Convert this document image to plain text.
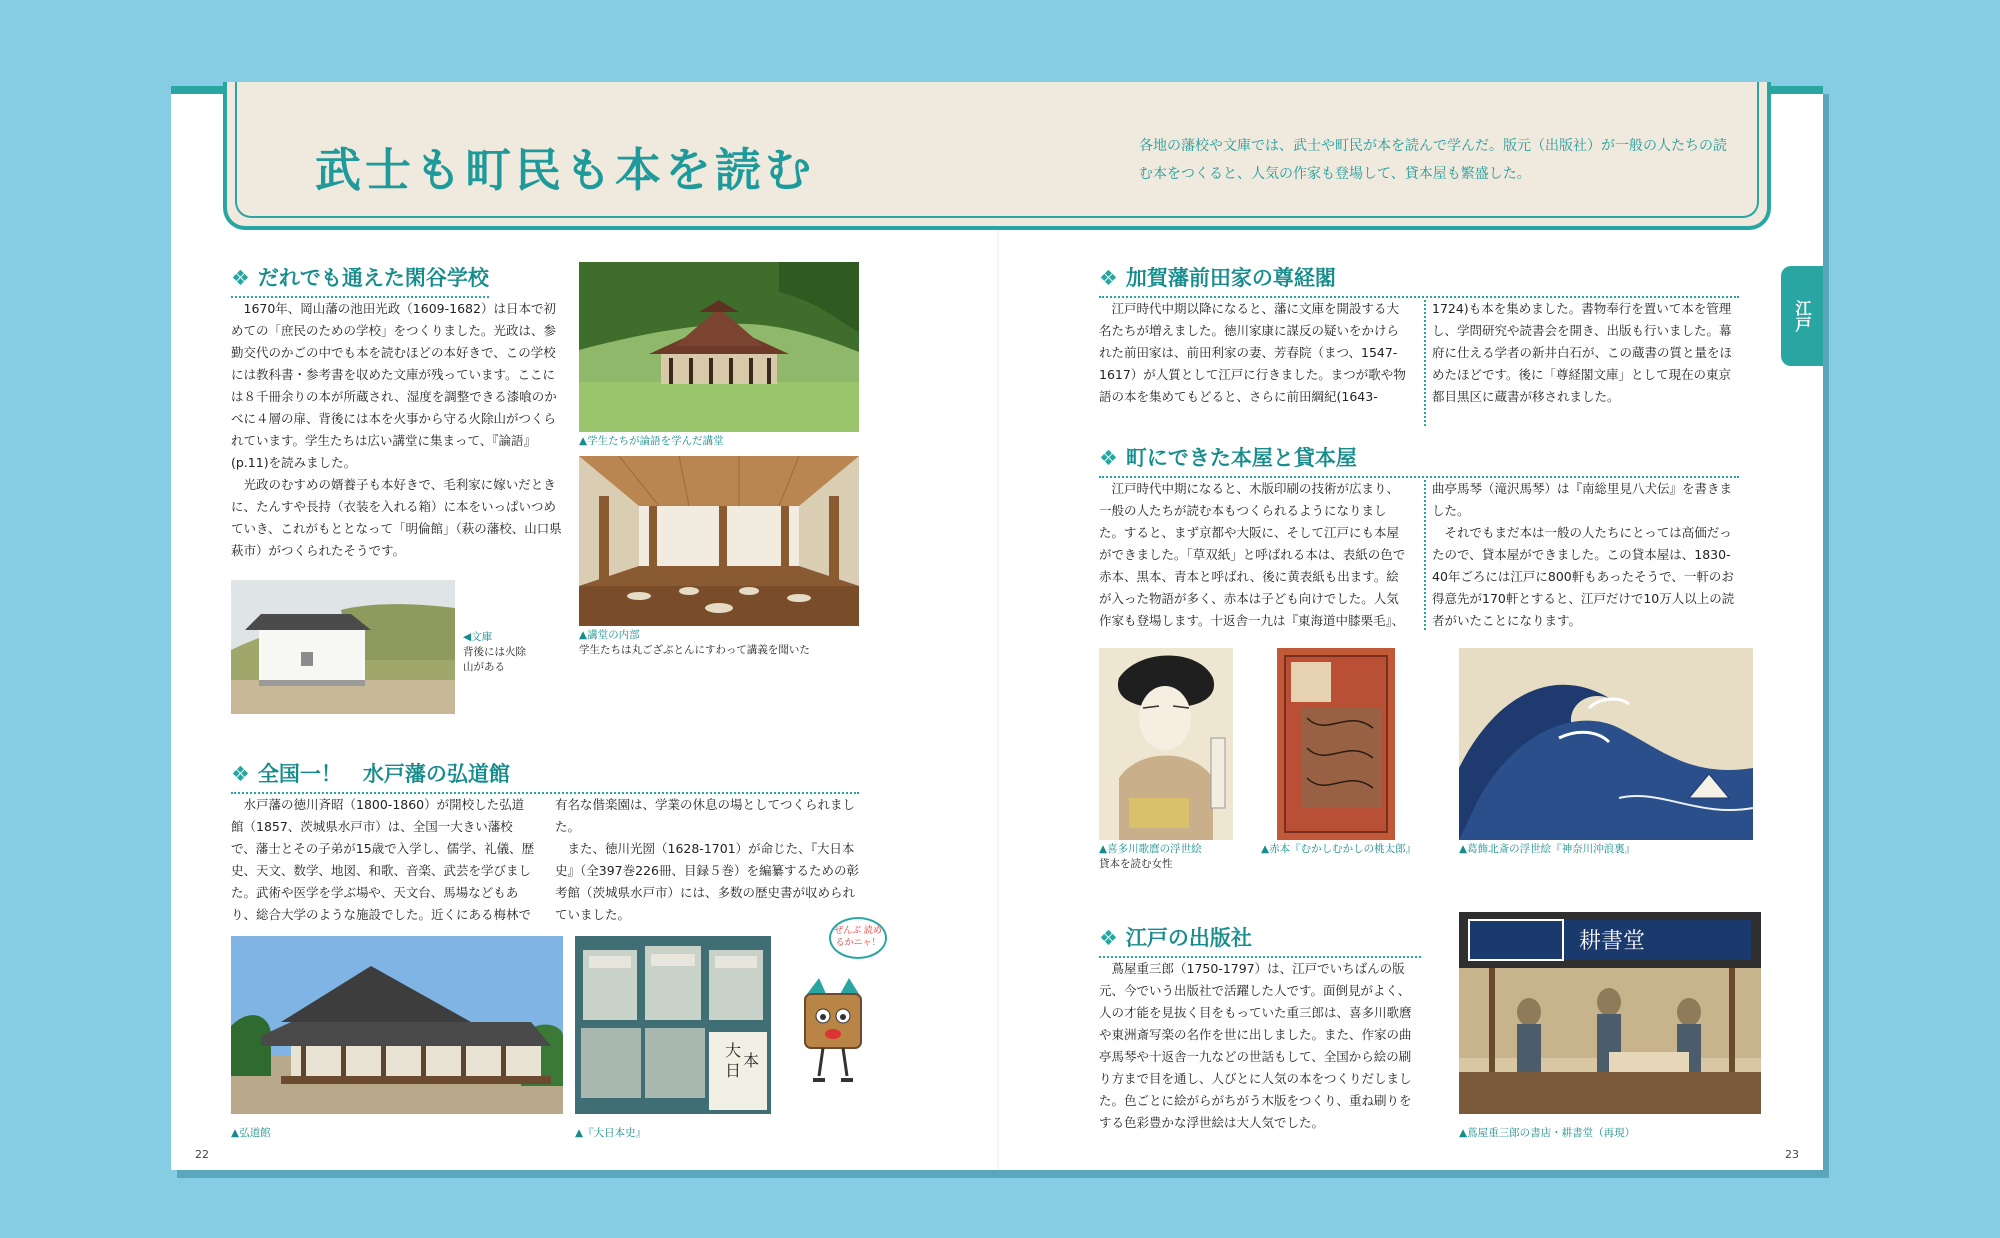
武士も町民も本を読む	各地の藩校や文庫では、武士や町民が本を読んで学んだ。版元（出版社）が一般の人たちの読む本をつくると、人気の作家も登場して、貸本屋も繁盛した。
江戸
❖ だれでも通えた閑谷学校

1670年、岡山藩の池田光政（1609-1682）は日本で初めての「庶民のための学校」をつくりました。光政は、参勤交代のかごの中でも本を読むほどの本好きで、この学校には教科書・参考書を収めた文庫が残っています。ここには８千冊余りの本が所蔵され、湿度を調整できる漆喰のかべに４層の扉、背後には本を火事から守る火除山がつくられています。学生たちは広い講堂に集まって、『論語』(p.11)を読みました。

光政のむすめの婿養子も本好きで、毛利家に嫁いだときに、たんすや長持（衣装を入れる箱）に本をいっぱいつめていき、これがもととなって「明倫館」（萩の藩校、山口県萩市）がつくられたそうです。

▲学生たちが論語を学んだ講堂
▲講堂の内部
学生たちは丸ござぶとんにすわって講義を聞いた
◀文庫
背後には火除
山がある
❖ 全国一！　水戸藩の弘道館

水戸藩の徳川斉昭（1800-1860）が開校した弘道館（1857、茨城県水戸市）は、全国一大きい藩校で、藩士とその子弟が15歳で入学し、儒学、礼儀、歴史、天文、数学、地図、和歌、音楽、武芸を学びました。武術や医学を学ぶ場や、天文台、馬場などもあり、総合大学のような施設でした。近くにある梅林で有名な偕楽園は、学業の休息の場としてつくられました。

また、徳川光圀（1628-1701）が命じた、『大日本史』（全397巻226冊、目録５巻）を編纂するための彰考館（茨城県水戸市）には、多数の歴史書が収められていました。

▲弘道館
大
日
本
▲『大日本史』
ぜんぶ 読めるかニャ！
❖ 加賀藩前田家の尊経閣

江戸時代中期以降になると、藩に文庫を開設する大名たちが増えました。徳川家康に謀反の疑いをかけられた前田家は、前田利家の妻、芳春院（まつ、1547-1617）が人質として江戸に行きました。まつが歌や物語の本を集めてもどると、さらに前田綱紀(1643-1724)も本を集めました。書物奉行を置いて本を管理し、学問研究や読書会を開き、出版も行いました。幕府に仕える学者の新井白石が、この蔵書の質と量をほめたほどです。後に「尊経閣文庫」として現在の東京都目黒区に蔵書が移されました。

❖ 町にできた本屋と貸本屋

江戸時代中期になると、木版印刷の技術が広まり、一般の人たちが読む本もつくられるようになりました。すると、まず京都や大阪に、そして江戸にも本屋ができました。「草双紙」と呼ばれる本は、表紙の色で赤本、黒本、青本と呼ばれ、後に黄表紙も出ます。絵が入った物語が多く、赤本は子ども向けでした。人気作家も登場します。十返舎一九は『東海道中膝栗毛』、曲亭馬琴（滝沢馬琴）は『南総里見八犬伝』を書きました。

それでもまだ本は一般の人たちにとっては高価だったので、貸本屋ができました。この貸本屋は、1830-40年ごろには江戸に800軒もあったそうで、一軒のお得意先が170軒とすると、江戸だけで10万人以上の読者がいたことになります。

▲喜多川歌麿の浮世絵
貸本を読む女性
▲赤本『むかしむかしの桃太郎』	▲葛飾北斎の浮世絵『神奈川沖浪裏』
❖ 江戸の出版社

蔦屋重三郎（1750-1797）は、江戸でいちばんの版元、今でいう出版社で活躍した人です。面倒見がよく、人の才能を見抜く目をもっていた重三郎は、喜多川歌麿や東洲斎写楽の名作を世に出しました。また、作家の曲亭馬琴や十返舎一九などの世話もして、全国から絵の刷り方まで目を通し、人びとに人気の本をつくりだしました。色ごとに絵がらがちがう木版をつくり、重ね刷りをする色彩豊かな浮世絵は大人気でした。

耕書堂
▲蔦屋重三郎の書店・耕書堂（再現）
22	23
